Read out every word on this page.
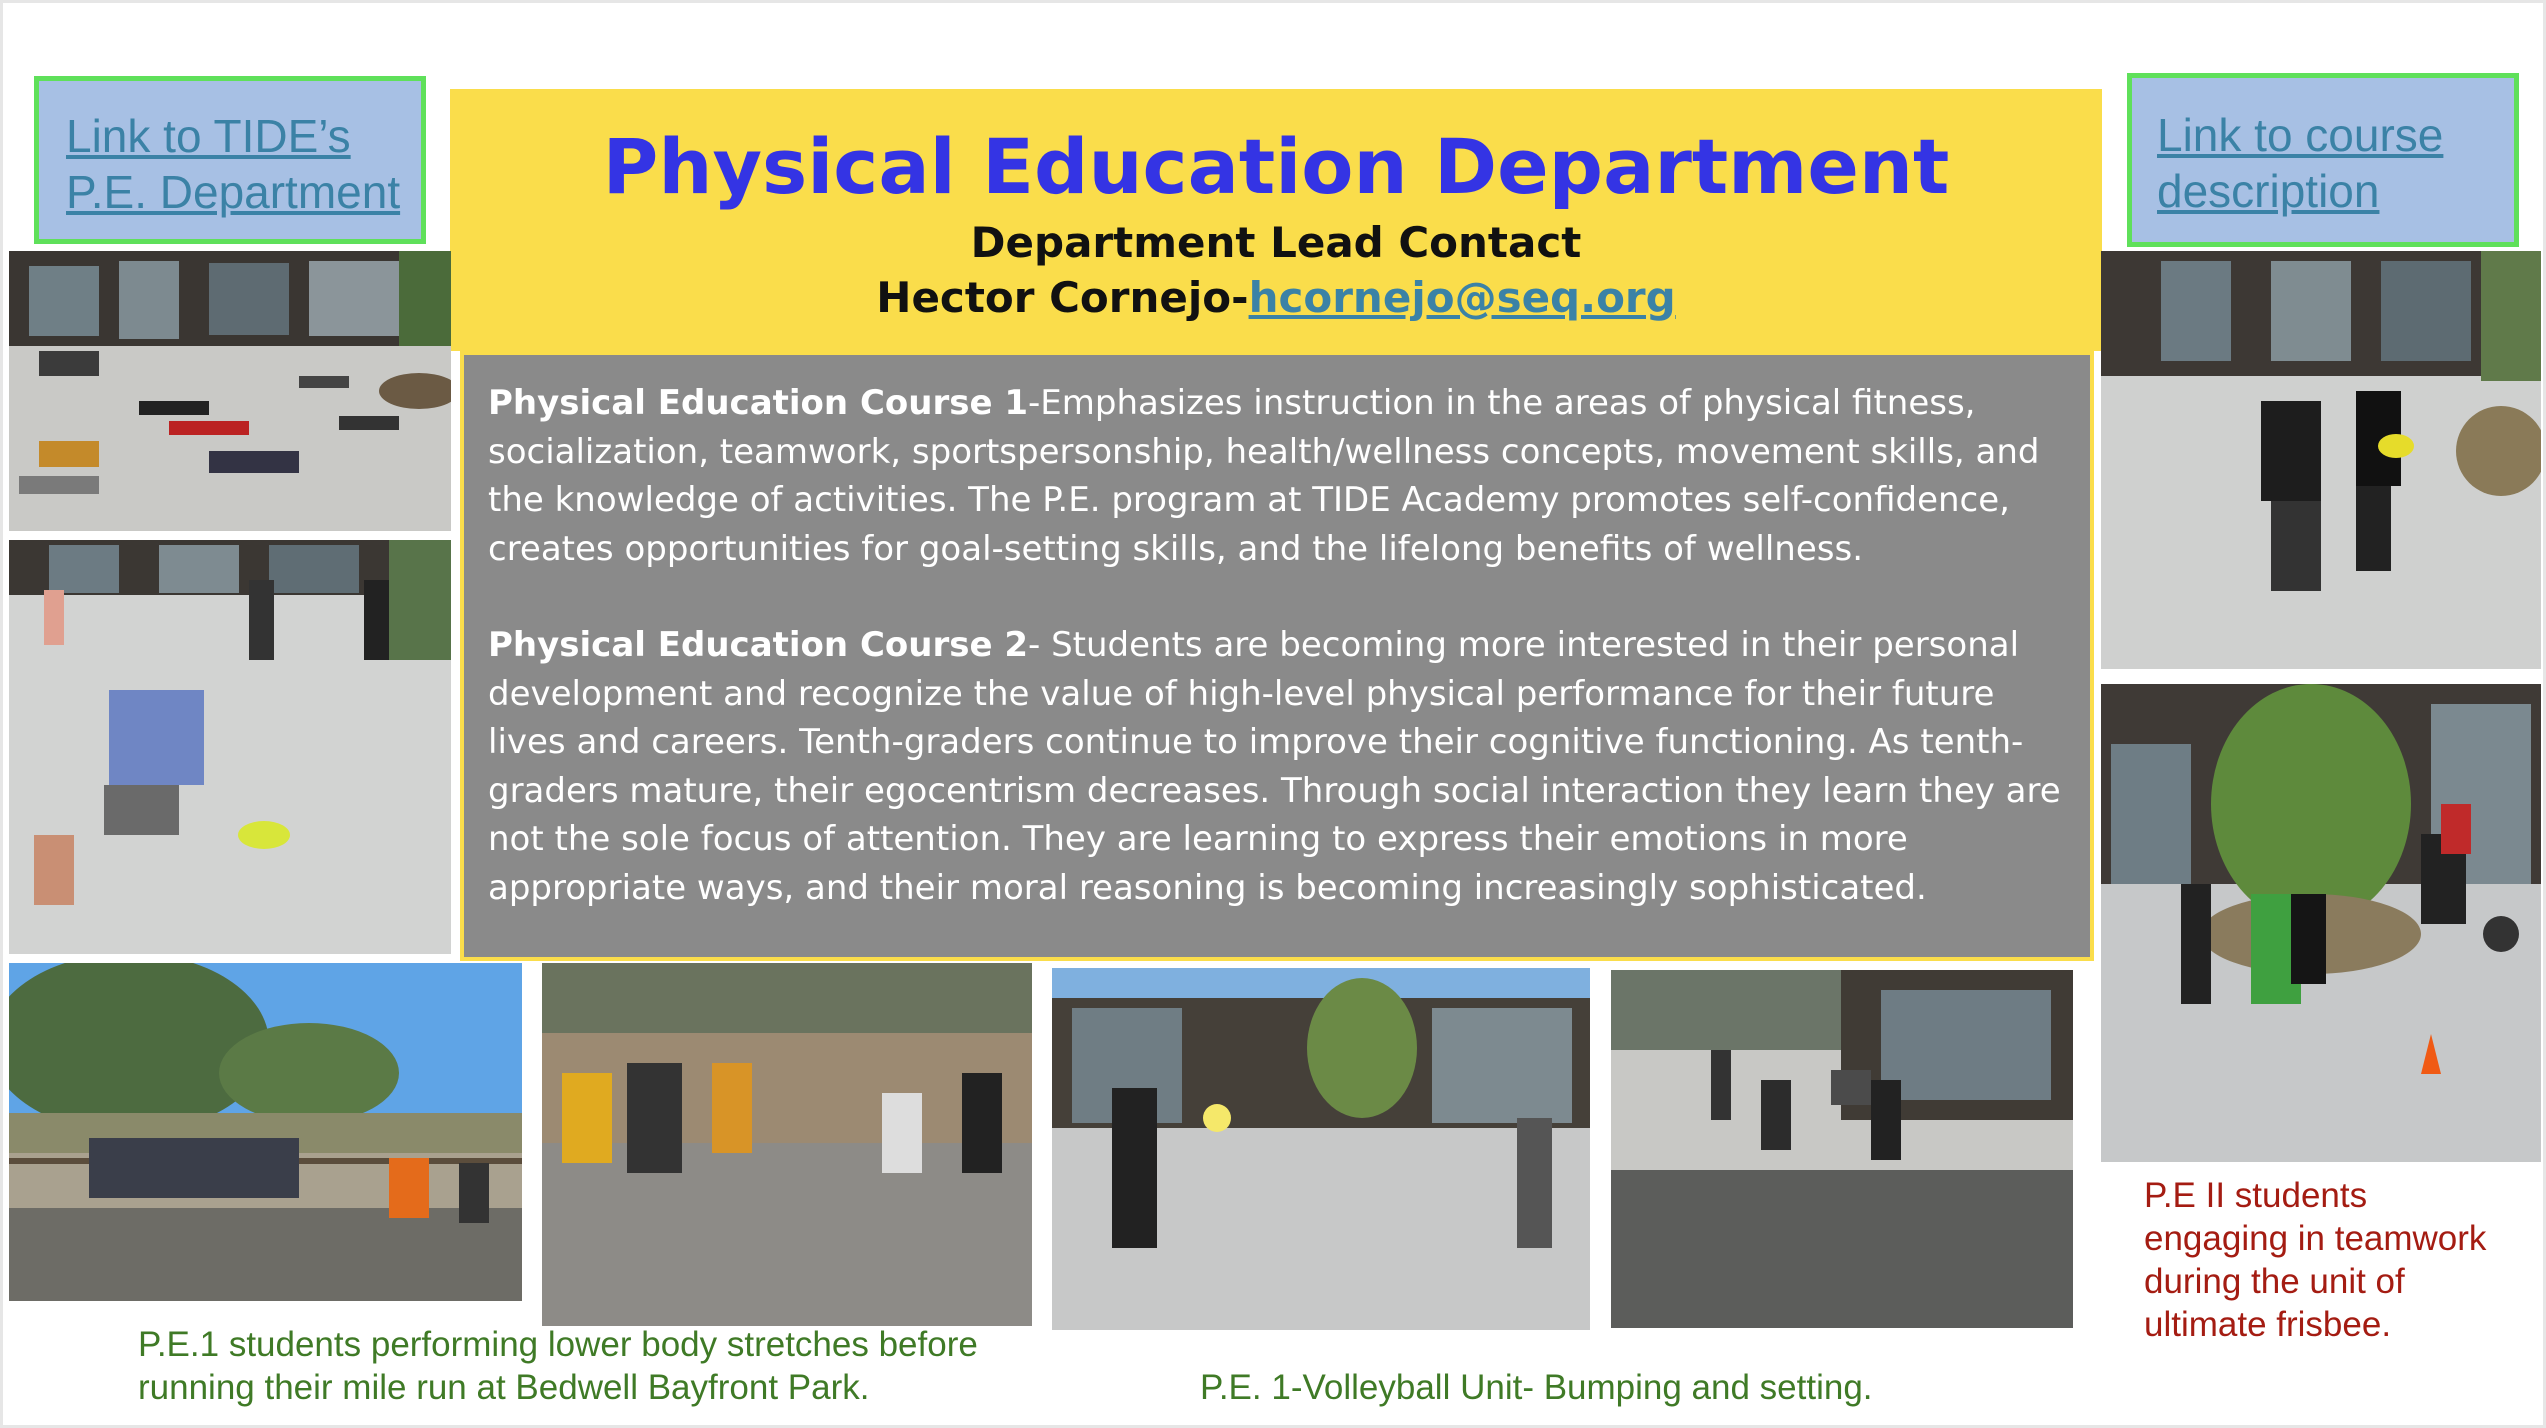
Link to TIDE’s
P.E. Department
Link to course
description
Physical Education Department
Department Lead Contact
Hector Cornejo-hcornejo@seq.org

Physical Education Course 1-Emphasizes instruction in the areas of physical fitness, socialization, teamwork, sportspersonship, health/wellness concepts, movement skills, and the knowledge of activities. The P.E. program at TIDE Academy promotes self-confidence, creates opportunities for goal-setting skills, and the lifelong benefits of wellness.

Physical Education Course 2- Students are becoming more interested in their personal development and recognize the value of high-level physical performance for their future lives and careers. Tenth-graders continue to improve their cognitive functioning. As tenth-graders mature, their egocentrism decreases. Through social interaction they learn they are not the sole focus of attention. They are learning to express their emotions in more appropriate ways, and their moral reasoning is becoming increasingly sophisticated.

P.E.1 students performing lower body stretches before
running their mile run at Bedwell Bayfront Park.	P.E. 1-Volleyball Unit- Bumping and setting.
P.E II students
engaging in teamwork
during the unit of
ultimate frisbee.
